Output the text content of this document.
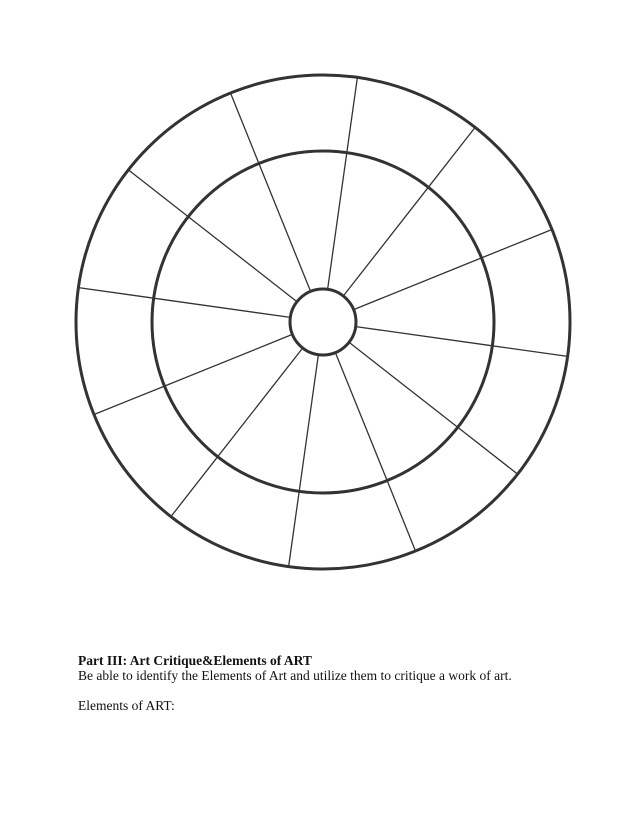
Part III: Art Critique&Elements of ART
Be able to identify the Elements of Art and utilize them to critique a work of art.
Elements of ART:
